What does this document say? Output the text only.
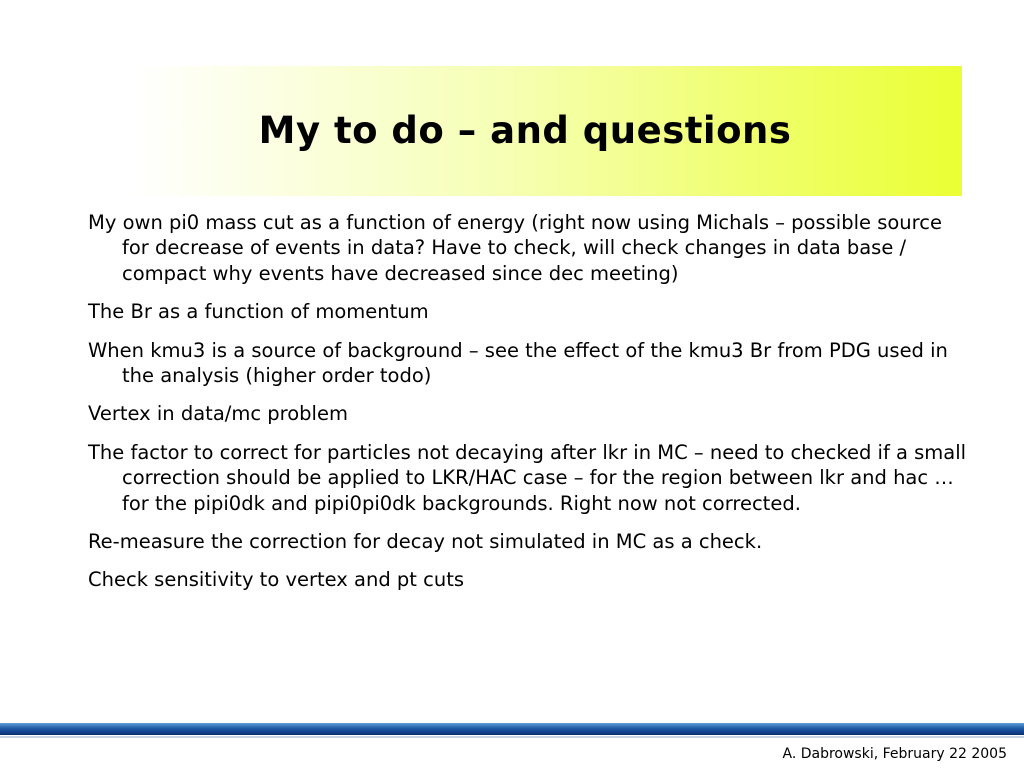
My to do – and questions
My own pi0 mass cut as a function of energy (right now using Michals – possible source for decrease of events in data? Have to check, will check changes in data base / compact why events have decreased since dec meeting)
The Br as a function of momentum
When kmu3 is a source of background – see the effect of the kmu3 Br from PDG used in the analysis (higher order todo)
Vertex in data/mc problem
The factor to correct for particles not decaying after lkr in MC – need to checked if a small correction should be applied to LKR/HAC case – for the region between lkr and hac … for the pipi0dk and pipi0pi0dk backgrounds. Right now not corrected.
Re-measure the correction for decay not simulated in MC as a check.
Check sensitivity to vertex and pt cuts
A. Dabrowski, February 22 2005
